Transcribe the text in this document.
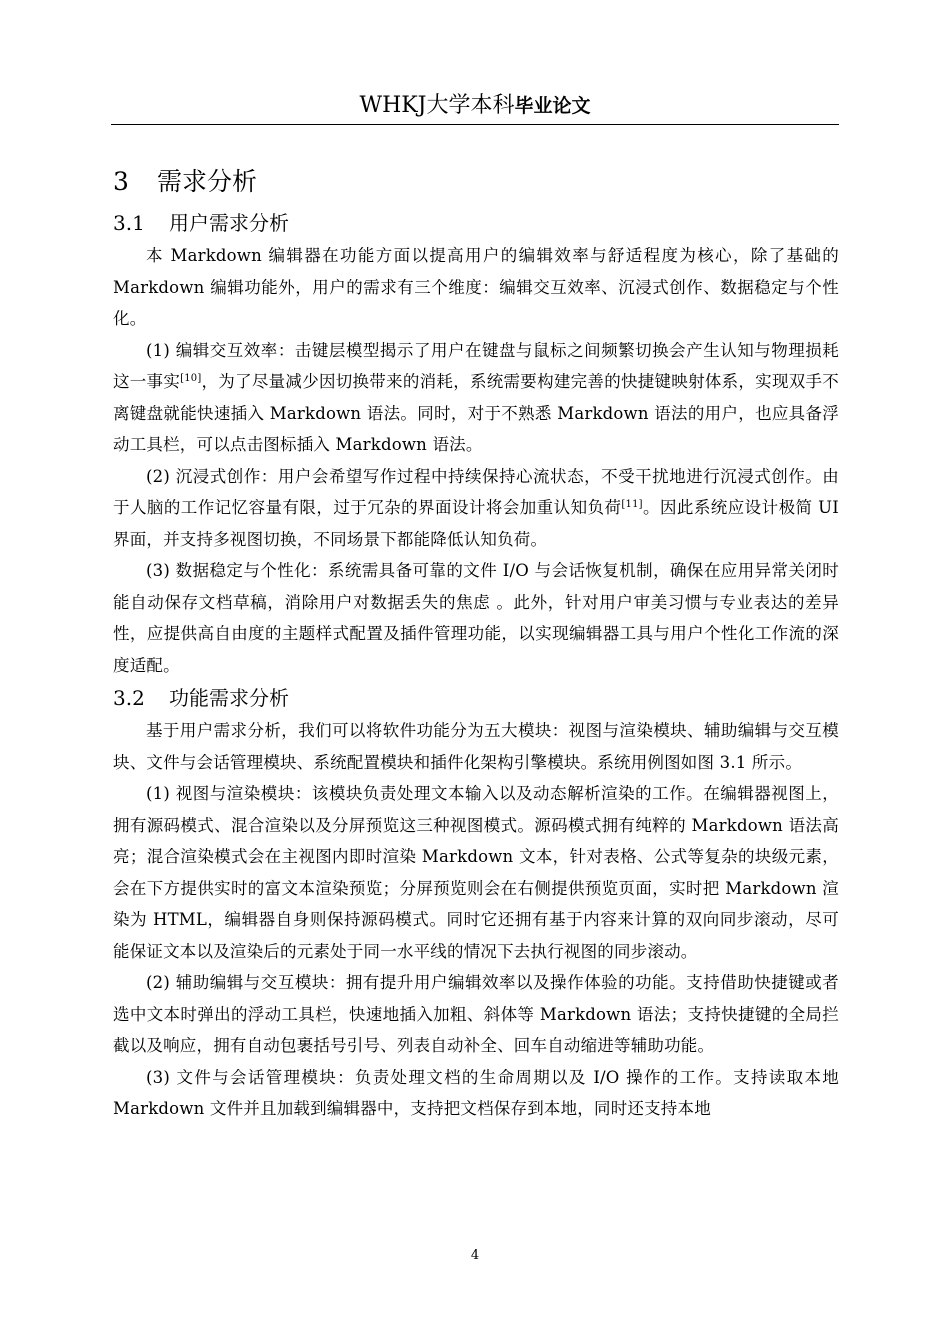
WHKJ大学本科毕业论文
3 需求分析
3.1 用户需求分析

本 Markdown 编辑器在功能方面以提高用户的编辑效率与舒适程度为核心，除了基础的 Markdown 编辑功能外，用户的需求有三个维度：编辑交互效率、沉浸式创作、数据稳定与个性化。

(1) 编辑交互效率：击键层模型揭示了用户在键盘与鼠标之间频繁切换会产生认知与物理损耗这一事实[10]，为了尽量减少因切换带来的消耗，系统需要构建完善的快捷键映射体系，实现双手不离键盘就能快速插入 Markdown 语法。同时，对于不熟悉 Markdown 语法的用户，也应具备浮动工具栏，可以点击图标插入 Markdown 语法。

(2) 沉浸式创作：用户会希望写作过程中持续保持心流状态，不受干扰地进行沉浸式创作。由于人脑的工作记忆容量有限，过于冗杂的界面设计将会加重认知负荷[11]。因此系统应设计极简 UI 界面，并支持多视图切换，不同场景下都能降低认知负荷。

(3) 数据稳定与个性化：系统需具备可靠的文件 I/O 与会话恢复机制，确保在应用异常关闭时能自动保存文档草稿，消除用户对数据丢失的焦虑 。此外，针对用户审美习惯与专业表达的差异性，应提供高自由度的主题样式配置及插件管理功能，以实现编辑器工具与用户个性化工作流的深度适配。

3.2 功能需求分析

基于用户需求分析，我们可以将软件功能分为五大模块：视图与渲染模块、辅助编辑与交互模块、文件与会话管理模块、系统配置模块和插件化架构引擎模块。系统用例图如图 3.1 所示。

(1) 视图与渲染模块：该模块负责处理文本输入以及动态解析渲染的工作。在编辑器视图上，拥有源码模式、混合渲染以及分屏预览这三种视图模式。源码模式拥有纯粹的 Markdown 语法高亮；混合渲染模式会在主视图内即时渲染 Markdown 文本，针对表格、公式等复杂的块级元素，会在下方提供实时的富文本渲染预览；分屏预览则会在右侧提供预览页面，实时把 Markdown 渲染为 HTML，编辑器自身则保持源码模式。同时它还拥有基于内容来计算的双向同步滚动，尽可能保证文本以及渲染后的元素处于同一水平线的情况下去执行视图的同步滚动。

(2) 辅助编辑与交互模块：拥有提升用户编辑效率以及操作体验的功能。支持借助快捷键或者选中文本时弹出的浮动工具栏，快速地插入加粗、斜体等 Markdown 语法；支持快捷键的全局拦截以及响应，拥有自动包裹括号引号、列表自动补全、回车自动缩进等辅助功能。

(3) 文件与会话管理模块：负责处理文档的生命周期以及 I/O 操作的工作。支持读取本地 Markdown 文件并且加载到编辑器中，支持把文档保存到本地，同时还支持本地

4
